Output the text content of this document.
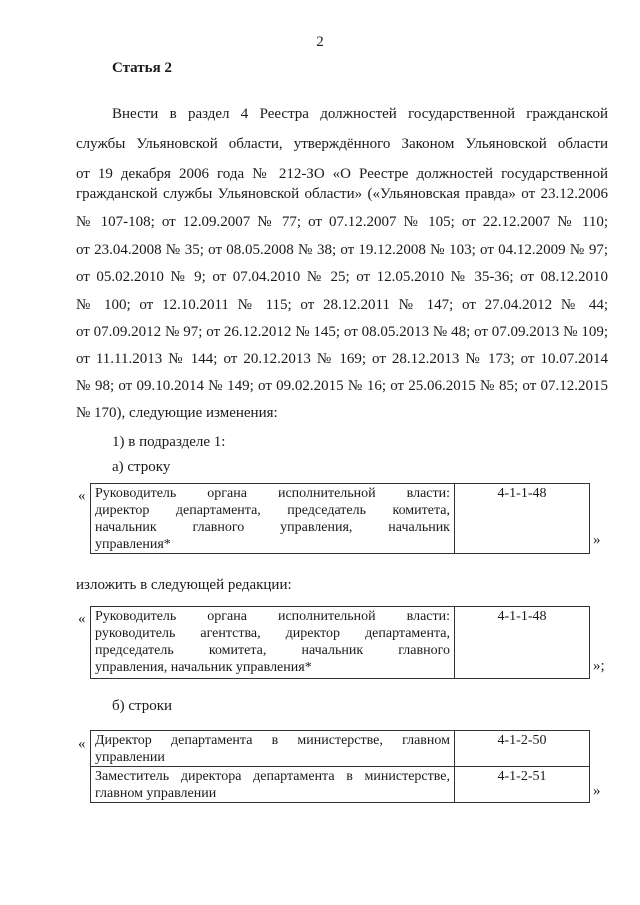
2
Статья 2
Внести в раздел 4 Реестра должностей государственной гражданской
службы Ульяновской области, утверждённого Законом Ульяновской области
от 19 декабря 2006 года № 212-ЗО «О Реестре должностей государственной
гражданской службы Ульяновской области» («Ульяновская правда» от 23.12.2006
№ 107-108; от 12.09.2007 № 77; от 07.12.2007 № 105; от 22.12.2007 № 110;
от 23.04.2008 № 35; от 08.05.2008 № 38; от 19.12.2008 № 103; от 04.12.2009 № 97;
от 05.02.2010 № 9; от 07.04.2010 № 25; от 12.05.2010 № 35-36; от 08.12.2010
№ 100; от 12.10.2011 № 115; от 28.12.2011 № 147; от 27.04.2012 № 44;
от 07.09.2012 № 97; от 26.12.2012 № 145; от 08.05.2013 № 48; от 07.09.2013 № 109;
от 11.11.2013 № 144; от 20.12.2013 № 169; от 28.12.2013 № 173; от 10.07.2014
№ 98; от 09.10.2014 № 149; от 09.02.2015 № 16; от 25.06.2015 № 85; от 07.12.2015
№ 170), следующие изменения:
1) в подразделе 1:
а) строку
« Руководитель органа исполнительной власти:
директор департамента, председатель комитета,
начальник главного управления, начальник
управления*
	4-1-1-48
»
изложить в следующей редакции:
« Руководитель органа исполнительной власти:
руководитель агентства, директор департамента,
председатель комитета, начальник главного
управления, начальник управления*
	4-1-1-48
»;
б) строки
« Директор департамента в министерстве, главном
управлении	4-1-2-50

Заместитель директора департамента в министерстве,
главном управлении	4-1-2-51
»
